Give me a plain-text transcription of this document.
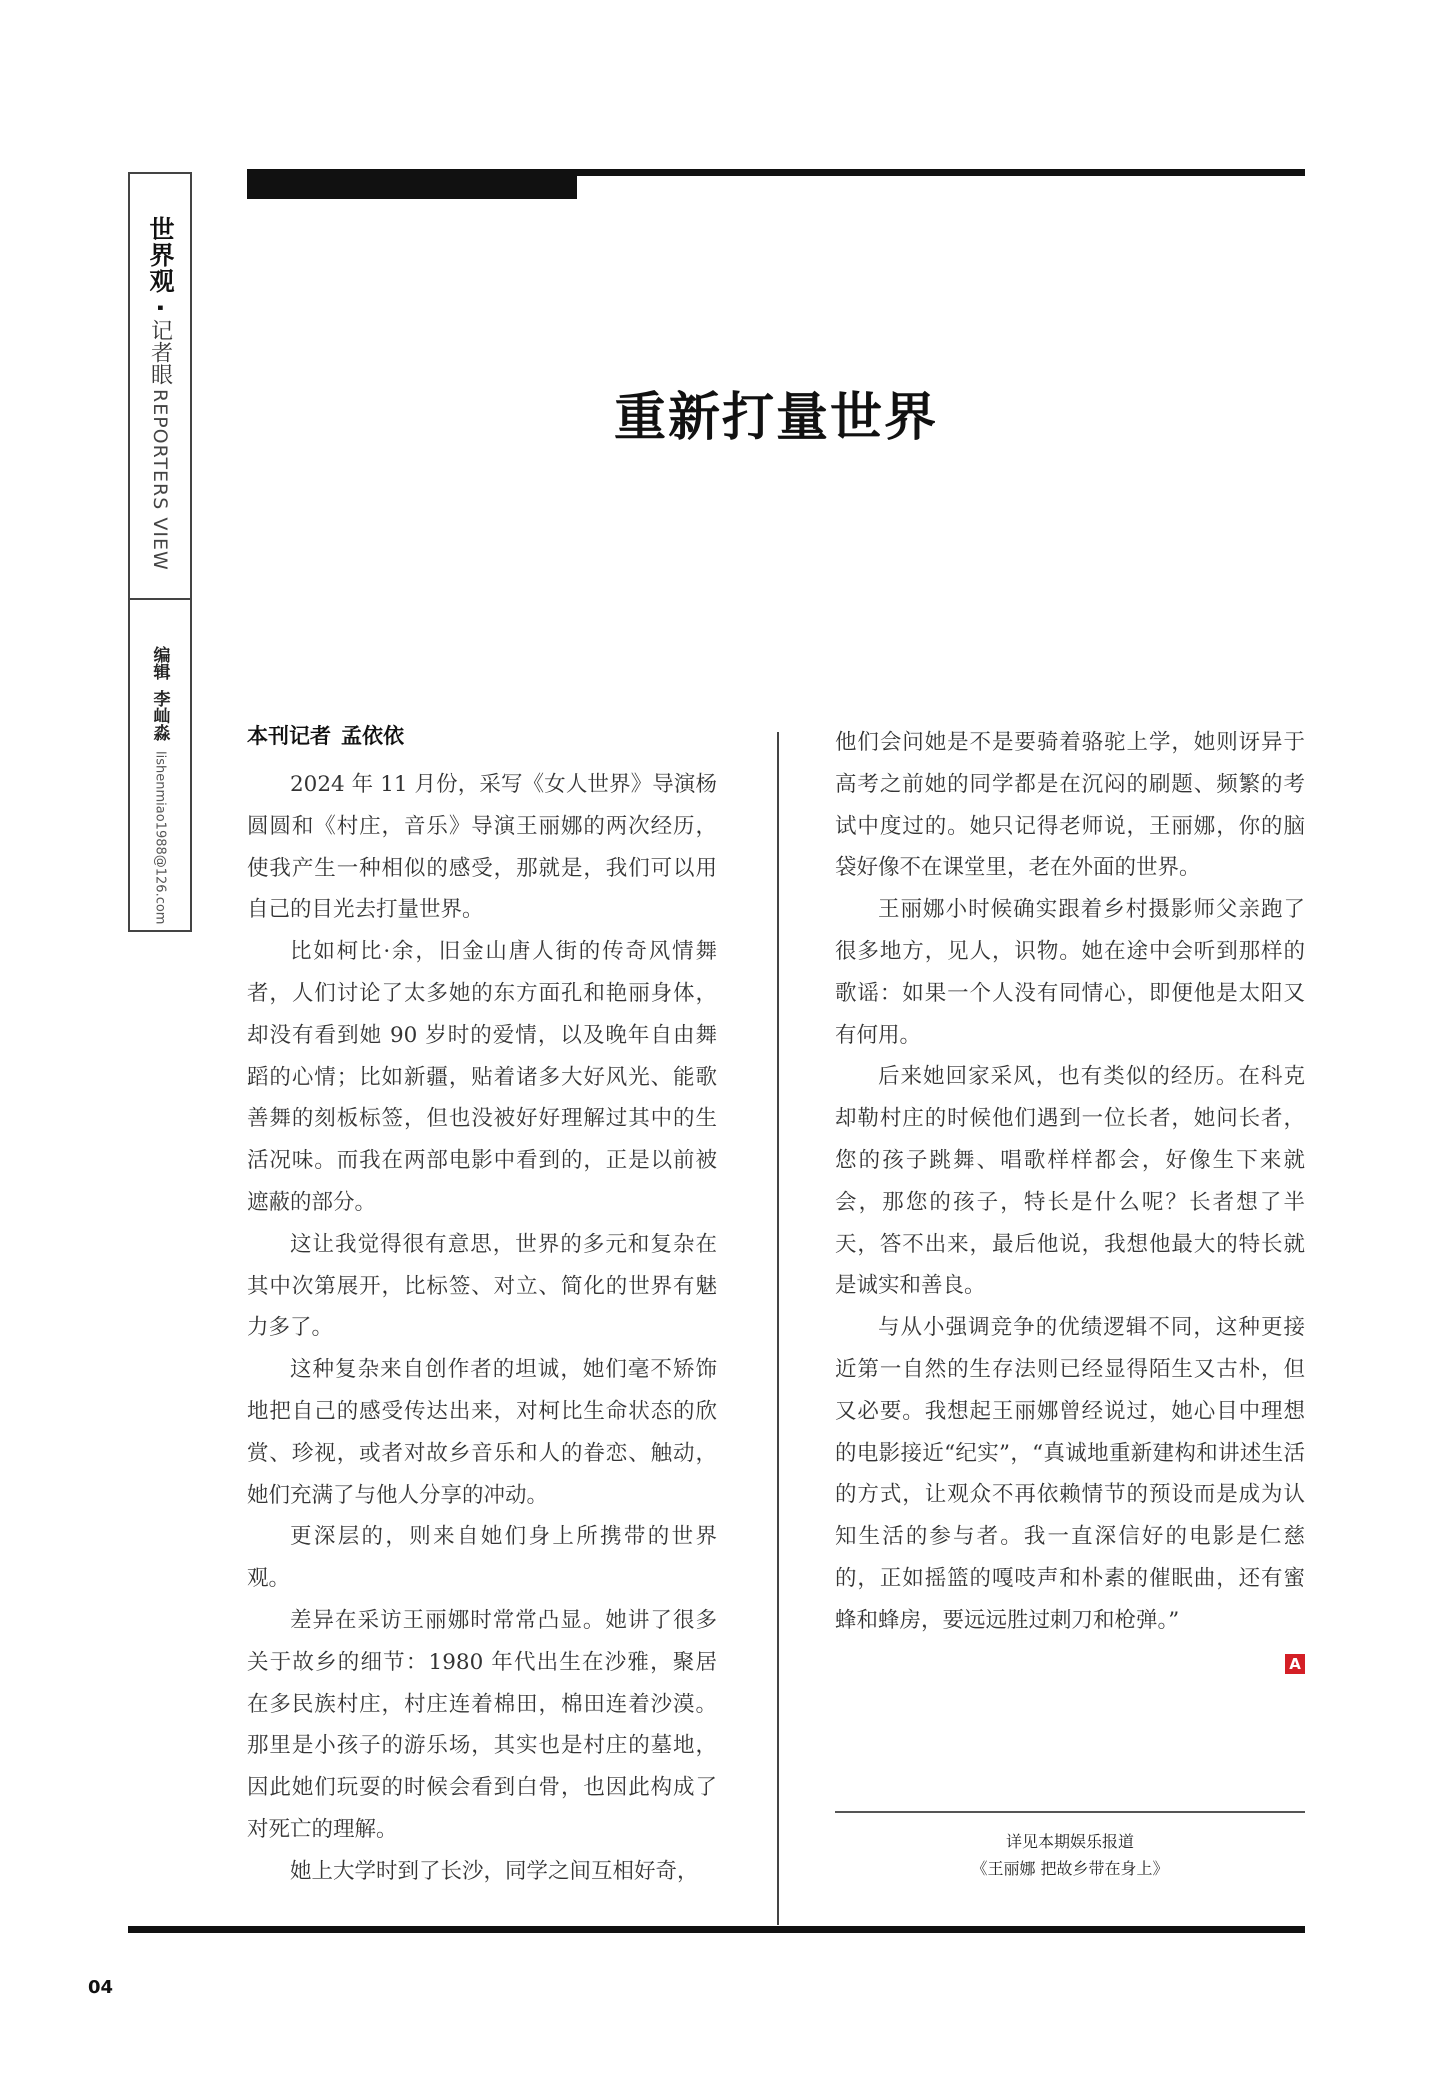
世界观
·
记者眼
REPORTERS VIEW
编辑
李屾淼
lishenmiao1988@126.com
重新打量世界
本刊记者 孟依依

2024 年 11 月份，采写《女人世界》导演杨圆圆和《村庄，音乐》导演王丽娜的两次经历，使我产生一种相似的感受，那就是，我们可以用自己的目光去打量世界。

比如柯比·余，旧金山唐人街的传奇风情舞者，人们讨论了太多她的东方面孔和艳丽身体，却没有看到她 90 岁时的爱情，以及晚年自由舞蹈的心情；比如新疆，贴着诸多大好风光、能歌善舞的刻板标签，但也没被好好理解过其中的生活况味。而我在两部电影中看到的，正是以前被遮蔽的部分。

这让我觉得很有意思，世界的多元和复杂在其中次第展开，比标签、对立、简化的世界有魅力多了。

这种复杂来自创作者的坦诚，她们毫不矫饰地把自己的感受传达出来，对柯比生命状态的欣赏、珍视，或者对故乡音乐和人的眷恋、触动，她们充满了与他人分享的冲动。

更深层的，则来自她们身上所携带的世界观。

差异在采访王丽娜时常常凸显。她讲了很多关于故乡的细节：1980 年代出生在沙雅，聚居在多民族村庄，村庄连着棉田，棉田连着沙漠。那里是小孩子的游乐场，其实也是村庄的墓地，因此她们玩耍的时候会看到白骨，也因此构成了对死亡的理解。

她上大学时到了长沙，同学之间互相好奇，

他们会问她是不是要骑着骆驼上学，她则讶异于高考之前她的同学都是在沉闷的刷题、频繁的考试中度过的。她只记得老师说，王丽娜，你的脑袋好像不在课堂里，老在外面的世界。

王丽娜小时候确实跟着乡村摄影师父亲跑了很多地方，见人，识物。她在途中会听到那样的歌谣：如果一个人没有同情心，即便他是太阳又有何用。

后来她回家采风，也有类似的经历。在科克却勒村庄的时候他们遇到一位长者，她问长者，您的孩子跳舞、唱歌样样都会，好像生下来就会，那您的孩子，特长是什么呢？长者想了半天，答不出来，最后他说，我想他最大的特长就是诚实和善良。

与从小强调竞争的优绩逻辑不同，这种更接近第一自然的生存法则已经显得陌生又古朴，但又必要。我想起王丽娜曾经说过，她心目中理想的电影接近“纪实”，“真诚地重新建构和讲述生活的方式，让观众不再依赖情节的预设而是成为认知生活的参与者。我一直深信好的电影是仁慈的，正如摇篮的嘎吱声和朴素的催眠曲，还有蜜蜂和蜂房，要远远胜过刺刀和枪弹。”

A
详见本期娱乐报道
《王丽娜 把故乡带在身上》
04
